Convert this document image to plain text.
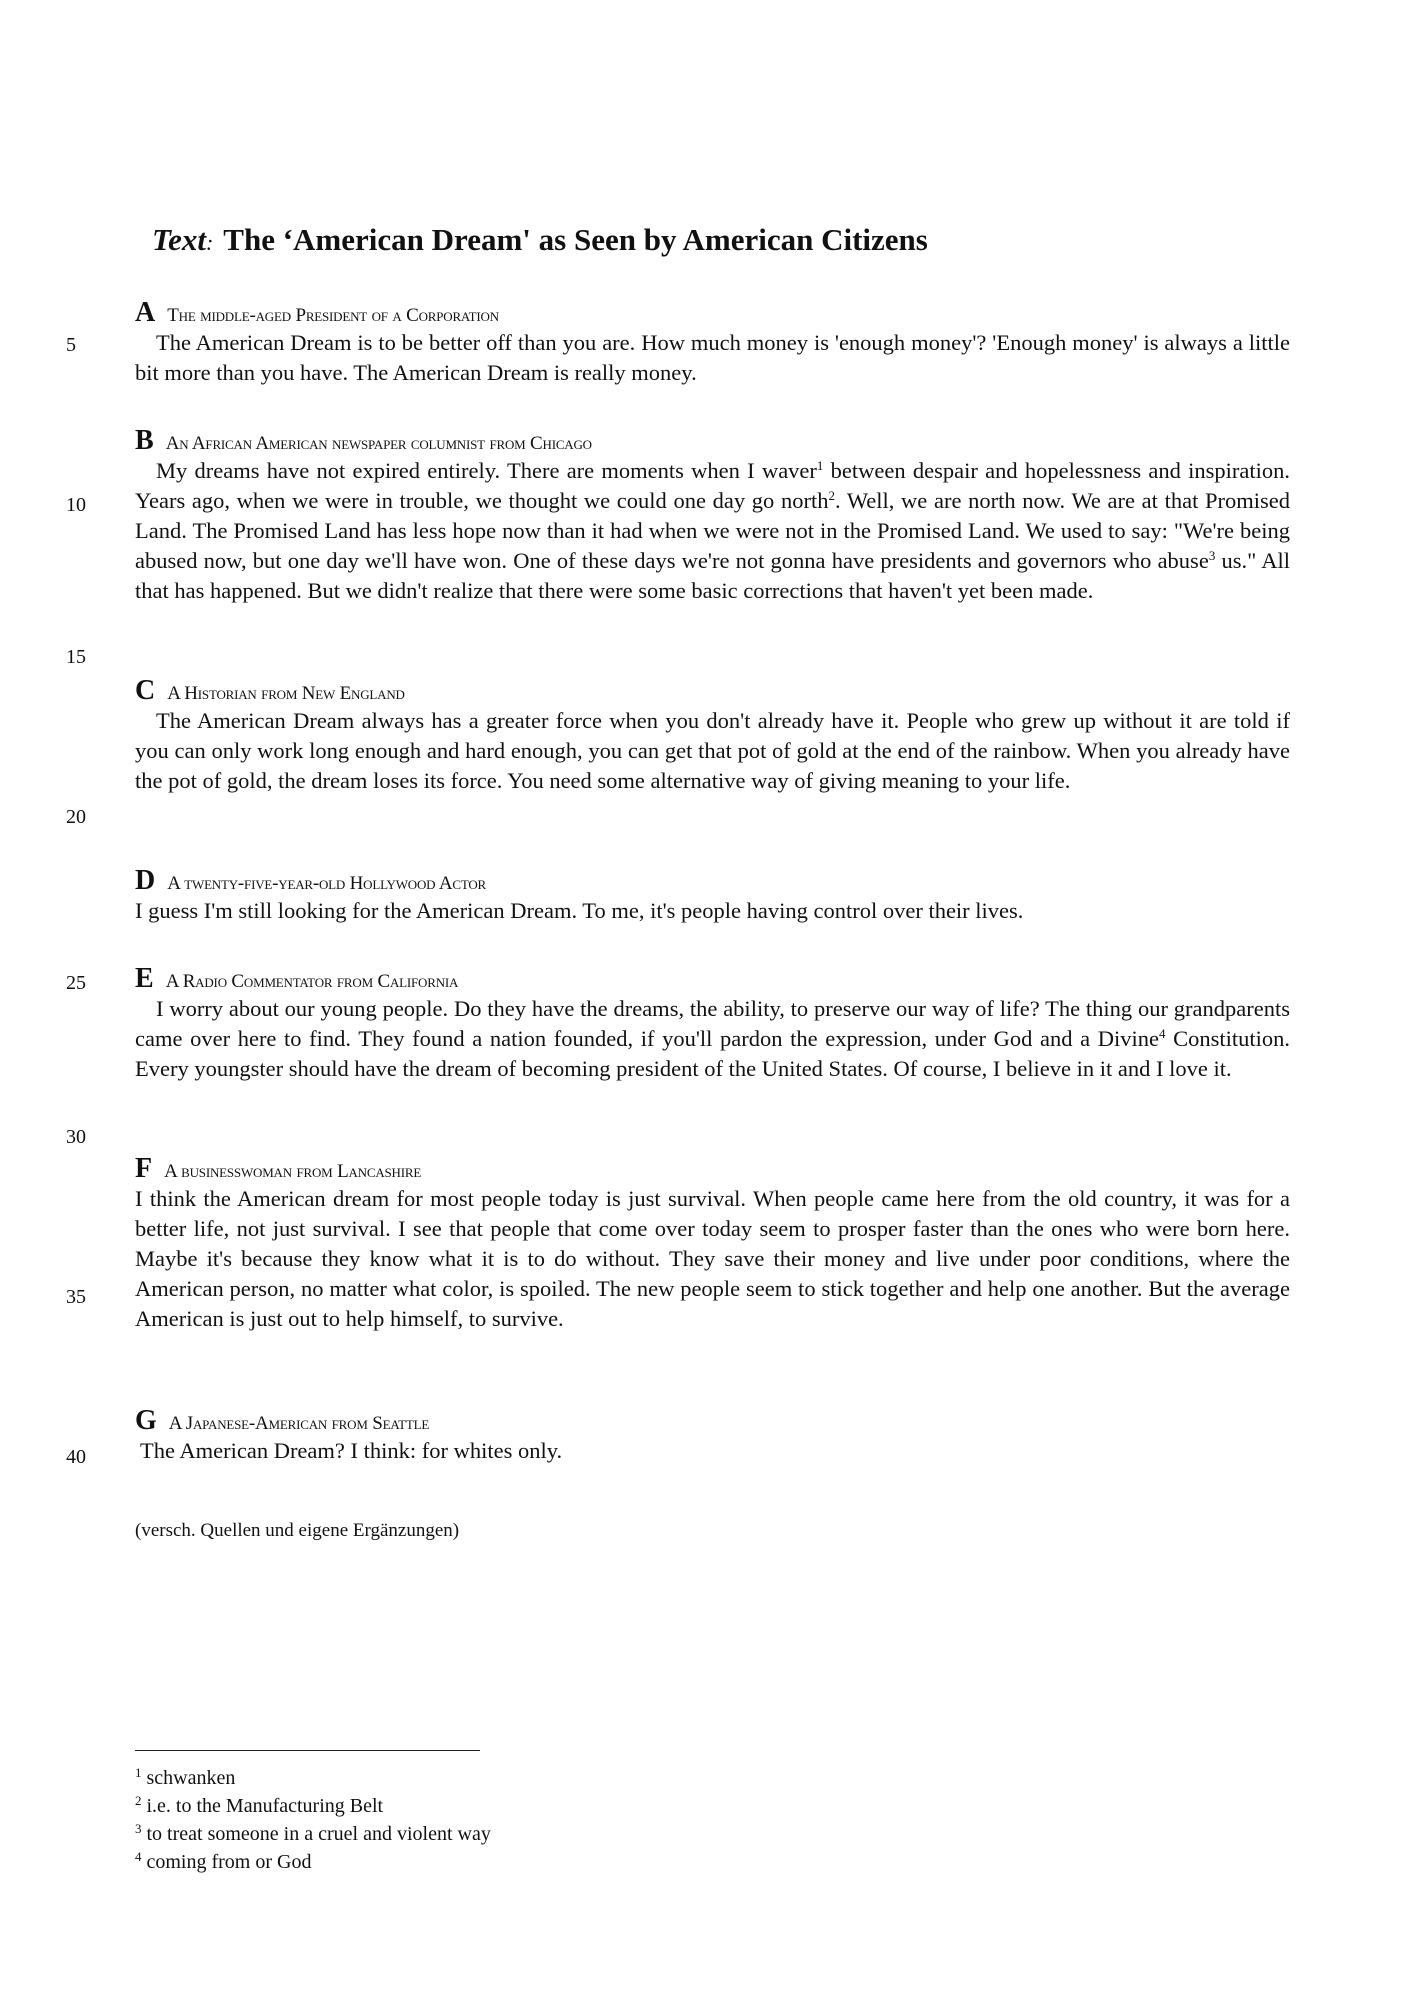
Text: The ‘American Dream' as Seen by American Citizens
5
10
15
20
25
30
35
40
A The middle-aged President of a Corporation

The American Dream is to be better off than you are. How much money is 'enough money'? 'Enough money' is always a little bit more than you have. The American Dream is really money.

B An African American newspaper columnist from Chicago

My dreams have not expired entirely. There are moments when I waver$^1$ between despair and hopelessness and inspiration. Years ago, when we were in trouble, we thought we could one day go north$^2$. Well, we are north now. We are at that Promised Land. The Promised Land has less hope now than it had when we were not in the Promised Land. We used to say: "We're being abused now, but one day we'll have won. One of these days we're not gonna have presidents and governors who abuse$^3$ us." All that has happened. But we didn't realize that there were some basic corrections that haven't yet been made.

C A Historian from New England

The American Dream always has a greater force when you don't already have it. People who grew up without it are told if you can only work long enough and hard enough, you can get that pot of gold at the end of the rainbow. When you already have the pot of gold, the dream loses its force. You need some alternative way of giving meaning to your life.

D A twenty-five-year-old Hollywood Actor

I guess I'm still looking for the American Dream. To me, it's people having control over their lives.

E A Radio Commentator from California

I worry about our young people. Do they have the dreams, the ability, to preserve our way of life? The thing our grandparents came over here to find. They found a nation founded, if you'll pardon the expression, under God and a Divine$^4$ Constitution. Every youngster should have the dream of becoming president of the United States. Of course, I believe in it and I love it.

F A businesswoman from Lancashire

I think the American dream for most people today is just survival. When people came here from the old country, it was for a better life, not just survival. I see that people that come over today seem to prosper faster than the ones who were born here. Maybe it's because they know what it is to do without. They save their money and live under poor conditions, where the American person, no matter what color, is spoiled. The new people seem to stick together and help one another. But the average American is just out to help himself, to survive.

G A Japanese-American from Seattle

The American Dream? I think: for whites only.

(versch. Quellen und eigene Ergänzungen)
$^1$ schwanken
$^2$ i.e. to the Manufacturing Belt
$^3$ to treat someone in a cruel and violent way
$^4$ coming from or God
